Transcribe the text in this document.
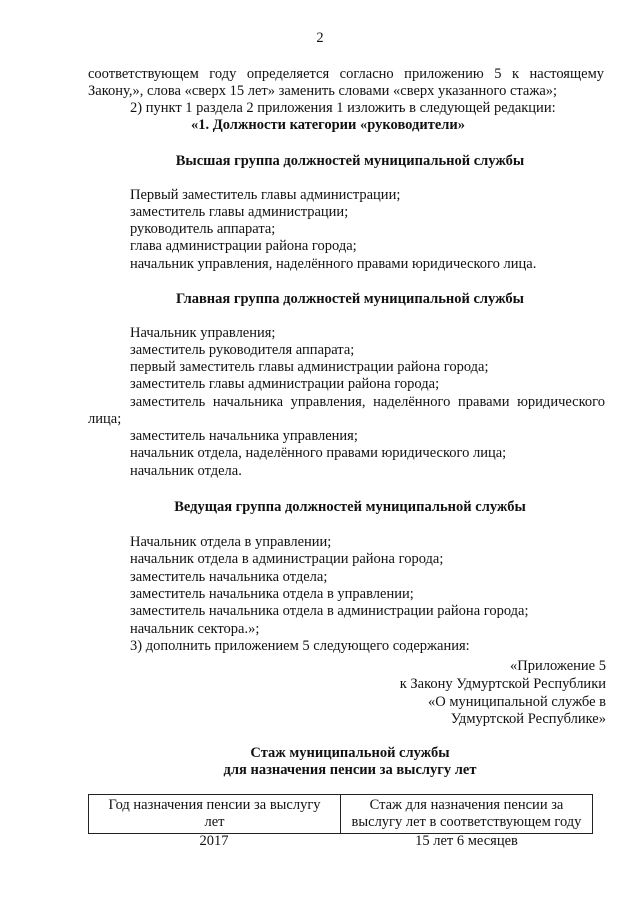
2
соответствующем году определяется согласно приложению 5 к настоящему
Закону,», слова «сверх 15 лет» заменить словами «сверх указанного стажа»;
2) пункт 1 раздела 2 приложения 1 изложить в следующей редакции:
«1. Должности категории «руководители»
Высшая группа должностей муниципальной службы
Первый заместитель главы администрации;
заместитель главы администрации;
руководитель аппарата;
глава администрации района города;
начальник управления, наделённого правами юридического лица.
Главная группа должностей муниципальной службы
Начальник управления;
заместитель руководителя аппарата;
первый заместитель главы администрации района города;
заместитель главы администрации района города;
заместитель начальника управления, наделённого правами юридического
лица;
заместитель начальника управления;
начальник отдела, наделённого правами юридического лица;
начальник отдела.
Ведущая группа должностей муниципальной службы
Начальник отдела в управлении;
начальник отдела в администрации района города;
заместитель начальника отдела;
заместитель начальника отдела в управлении;
заместитель начальника отдела в администрации района города;
начальник сектора.»;
3) дополнить приложением 5 следующего содержания:
«Приложение 5
к Закону Удмуртской Республики
«О муниципальной службе в
Удмуртской Республике»
Стаж муниципальной службы
для назначения пенсии за выслугу лет
Год назначения пенсии за выслугу
лет

Стаж для назначения пенсии за
выслугу лет в соответствующем году
2017	15 лет 6 месяцев
